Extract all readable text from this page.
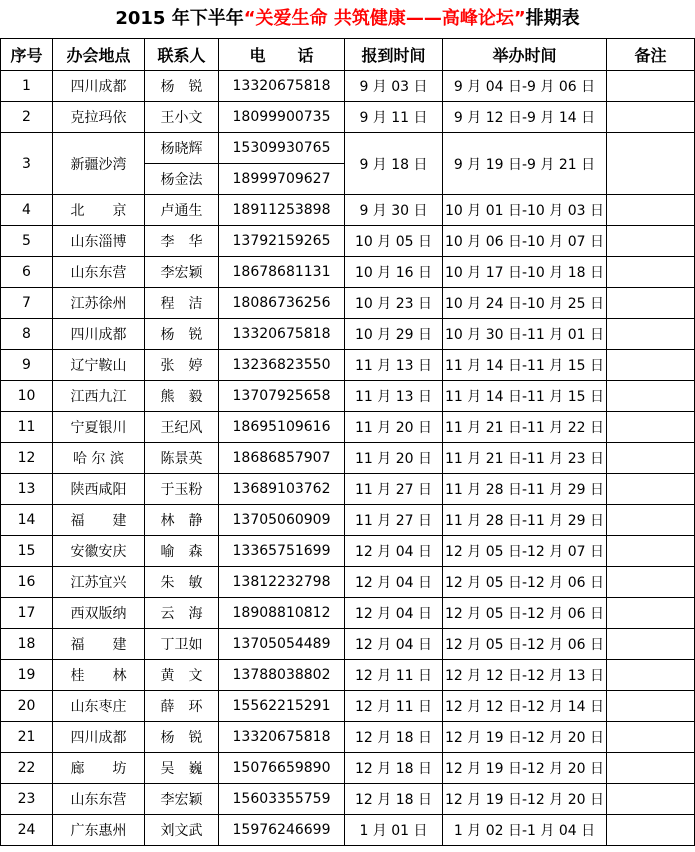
2015 年下半年“关爱生命 共筑健康——高峰论坛”排期表
序号	办会地点	联系人	电　　话	报到时间	举办时间	备注
1	四川成都	杨　锐	13320675818	9 月 03 日	9 月 04 日-9 月 06 日	
2	克拉玛依	王小文	18099900735	9 月 11 日	9 月 12 日-9 月 14 日	
3	新疆沙湾	杨晓辉	15309930765	9 月 18 日	9 月 19 日-9 月 21 日	
		杨金法	18999709627			
4	北　　京	卢通生	18911253898	9 月 30 日	10 月 01 日-10 月 03 日	
5	山东淄博	李　华	13792159265	10 月 05 日	10 月 06 日-10 月 07 日	
6	山东东营	李宏颖	18678681131	10 月 16 日	10 月 17 日-10 月 18 日	
7	江苏徐州	程　洁	18086736256	10 月 23 日	10 月 24 日-10 月 25 日	
8	四川成都	杨　锐	13320675818	10 月 29 日	10 月 30 日-11 月 01 日	
9	辽宁鞍山	张　婷	13236823550	11 月 13 日	11 月 14 日-11 月 15 日	
10	江西九江	熊　毅	13707925658	11 月 13 日	11 月 14 日-11 月 15 日	
11	宁夏银川	王纪风	18695109616	11 月 20 日	11 月 21 日-11 月 22 日	
12	哈 尔 滨	陈景英	18686857907	11 月 20 日	11 月 21 日-11 月 23 日	
13	陕西咸阳	于玉粉	13689103762	11 月 27 日	11 月 28 日-11 月 29 日	
14	福　　建	林　静	13705060909	11 月 27 日	11 月 28 日-11 月 29 日	
15	安徽安庆	喻　森	13365751699	12 月 04 日	12 月 05 日-12 月 07 日	
16	江苏宜兴	朱　敏	13812232798	12 月 04 日	12 月 05 日-12 月 06 日	
17	西双版纳	云　海	18908810812	12 月 04 日	12 月 05 日-12 月 06 日	
18	福　　建	丁卫如	13705054489	12 月 04 日	12 月 05 日-12 月 06 日	
19	桂　　林	黄　文	13788038802	12 月 11 日	12 月 12 日-12 月 13 日	
20	山东枣庄	薛　环	15562215291	12 月 11 日	12 月 12 日-12 月 14 日	
21	四川成都	杨　锐	13320675818	12 月 18 日	12 月 19 日-12 月 20 日	
22	廊　　坊	吴　巍	15076659890	12 月 18 日	12 月 19 日-12 月 20 日	
23	山东东营	李宏颖	15603355759	12 月 18 日	12 月 19 日-12 月 20 日	
24	广东惠州	刘文武	15976246699	1 月 01 日	1 月 02 日-1 月 04 日	
